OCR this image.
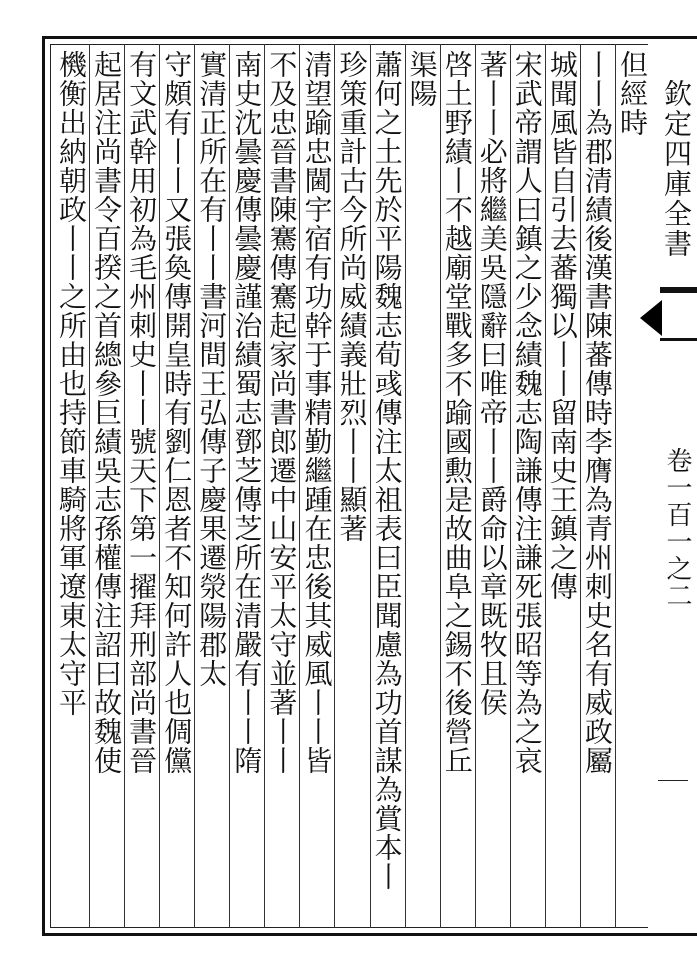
欽定四庫全書
卷一百一之二
但經時
丨丨為郡清績後漢書陳蕃傳時李膺為青州刺史名有威政屬
城聞風皆自引去蕃獨以丨丨留南史王鎮之傳
宋武帝謂人曰鎮之少念績魏志陶謙傳注謙死張昭等為之哀
著丨丨必將繼美吳隱辭曰唯帝丨丨爵命以章既牧且侯
啓土野績丨不越廟堂戰多不踰國勲是故曲阜之錫不後營丘
渠陽
蕭何之土先於平陽魏志荀彧傳注太祖表曰臣聞慮為功首謀為賞本丨
珍策重計古今所尚威績義壯烈丨丨顯著
清望踰忠閫宇宿有功幹于事精勤繼踵在忠後其威風丨丨皆
不及忠晉書陳騫傳騫起家尚書郎遷中山安平太守並著丨丨
南史沈曇慶傳曇慶謹治績蜀志鄧芝傳芝所在清嚴有丨丨隋
實清正所在有丨丨書河間王弘傳子慶果遷滎陽郡太
守頗有丨丨又張奐傳開皇時有劉仁恩者不知何許人也倜儻
有文武幹用初為毛州刺史丨丨號天下第一擢拜刑部尚書晉
起居注尚書令百揆之首總參巨績吳志孫權傳注詔曰故魏使
機衡出納朝政丨丨之所由也持節車騎將軍遼東太守平
